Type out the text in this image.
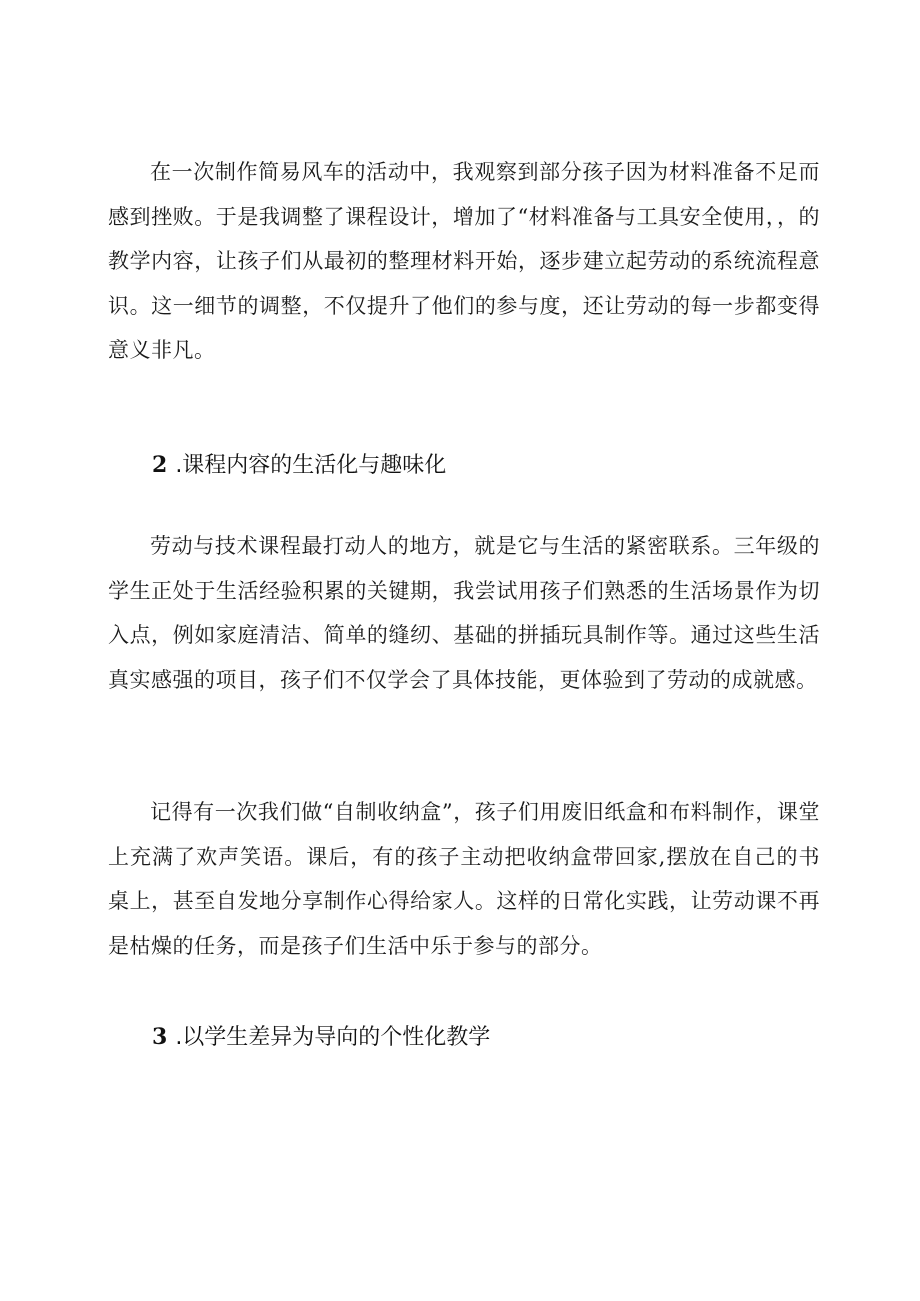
在一次制作简易风车的活动中，我观察到部分孩子因为材料准备不足而感到挫败。于是我调整了课程设计，增加了“材料准备与工具安全使用，，的教学内容，让孩子们从最初的整理材料开始，逐步建立起劳动的系统流程意识。这一细节的调整，不仅提升了他们的参与度，还让劳动的每一步都变得意义非凡。

2 .课程内容的生活化与趣味化

劳动与技术课程最打动人的地方，就是它与生活的紧密联系。三年级的学生正处于生活经验积累的关键期，我尝试用孩子们熟悉的生活场景作为切入点，例如家庭清洁、简单的缝纫、基础的拼插玩具制作等。通过这些生活真实感强的项目，孩子们不仅学会了具体技能，更体验到了劳动的成就感。

记得有一次我们做“自制收纳盒”，孩子们用废旧纸盒和布料制作，课堂上充满了欢声笑语。课后，有的孩子主动把收纳盒带回家,摆放在自己的书桌上，甚至自发地分享制作心得给家人。这样的日常化实践，让劳动课不再是枯燥的任务，而是孩子们生活中乐于参与的部分。

3 .以学生差异为导向的个性化教学
